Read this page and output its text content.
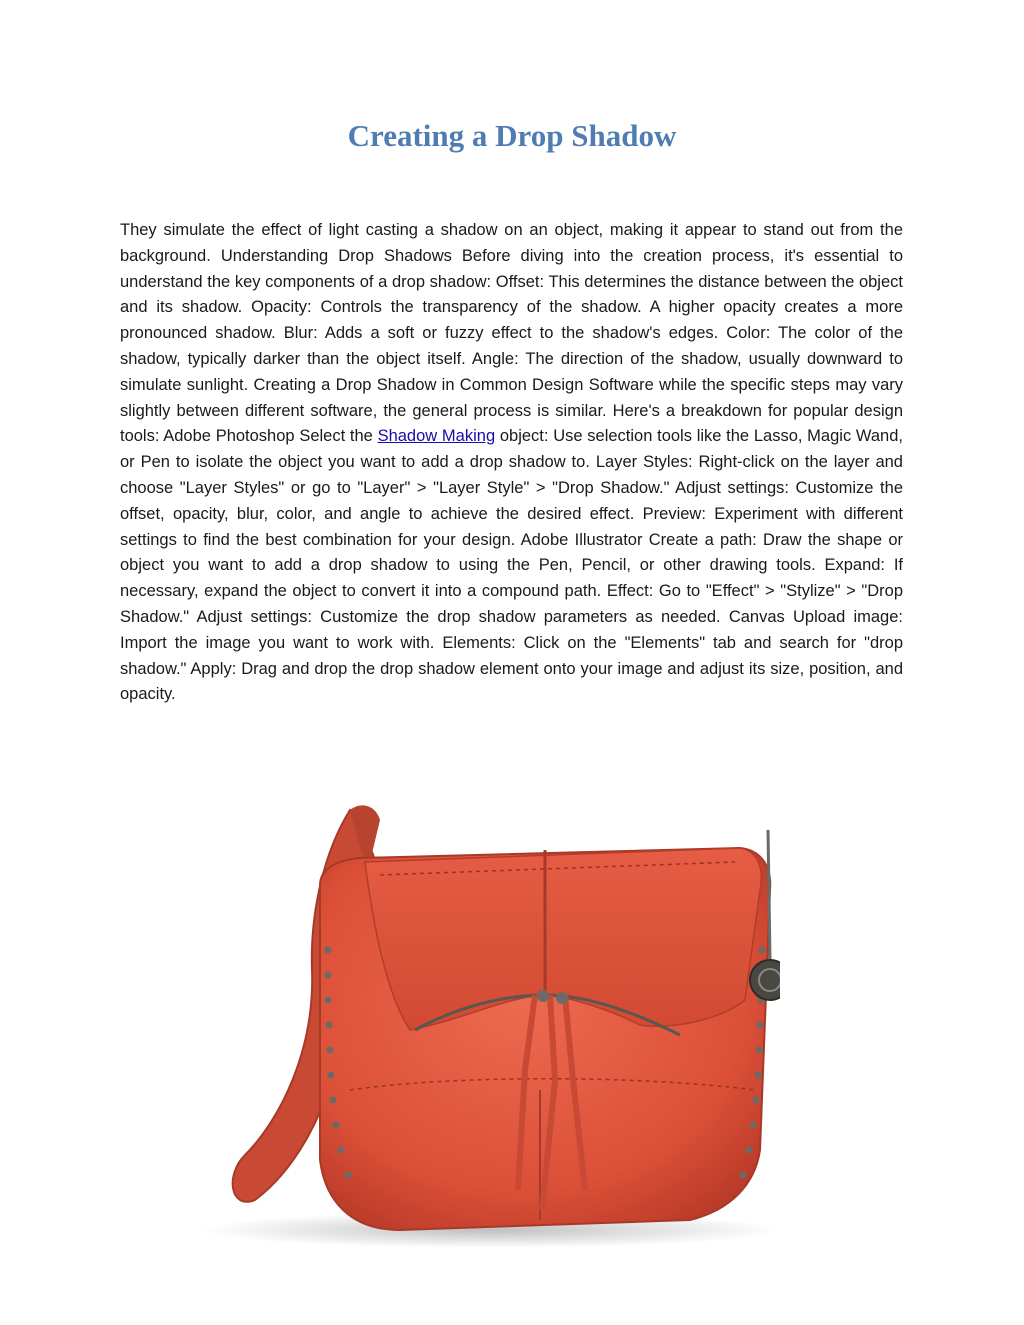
Creating a Drop Shadow

They simulate the effect of light casting a shadow on an object, making it appear to stand out from the background. Understanding Drop Shadows Before diving into the creation process, it's essential to understand the key components of a drop shadow: Offset: This determines the distance between the object and its shadow. Opacity: Controls the transparency of the shadow. A higher opacity creates a more pronounced shadow. Blur: Adds a soft or fuzzy effect to the shadow's edges. Color: The color of the shadow, typically darker than the object itself. Angle: The direction of the shadow, usually downward to simulate sunlight. Creating a Drop Shadow in Common Design Software while the specific steps may vary slightly between different software, the general process is similar. Here's a breakdown for popular design tools: Adobe Photoshop Select the Shadow Making object: Use selection tools like the Lasso, Magic Wand, or Pen to isolate the object you want to add a drop shadow to. Layer Styles: Right-click on the layer and choose "Layer Styles" or go to "Layer" > "Layer Style" > "Drop Shadow." Adjust settings: Customize the offset, opacity, blur, color, and angle to achieve the desired effect. Preview: Experiment with different settings to find the best combination for your design. Adobe Illustrator Create a path: Draw the shape or object you want to add a drop shadow to using the Pen, Pencil, or other drawing tools. Expand: If necessary, expand the object to convert it into a compound path. Effect: Go to "Effect" > "Stylize" > "Drop Shadow." Adjust settings: Customize the drop shadow parameters as needed. Canvas Upload image: Import the image you want to work with. Elements: Click on the "Elements" tab and search for "drop shadow." Apply: Drag and drop the drop shadow element onto your image and adjust its size, position, and opacity.
